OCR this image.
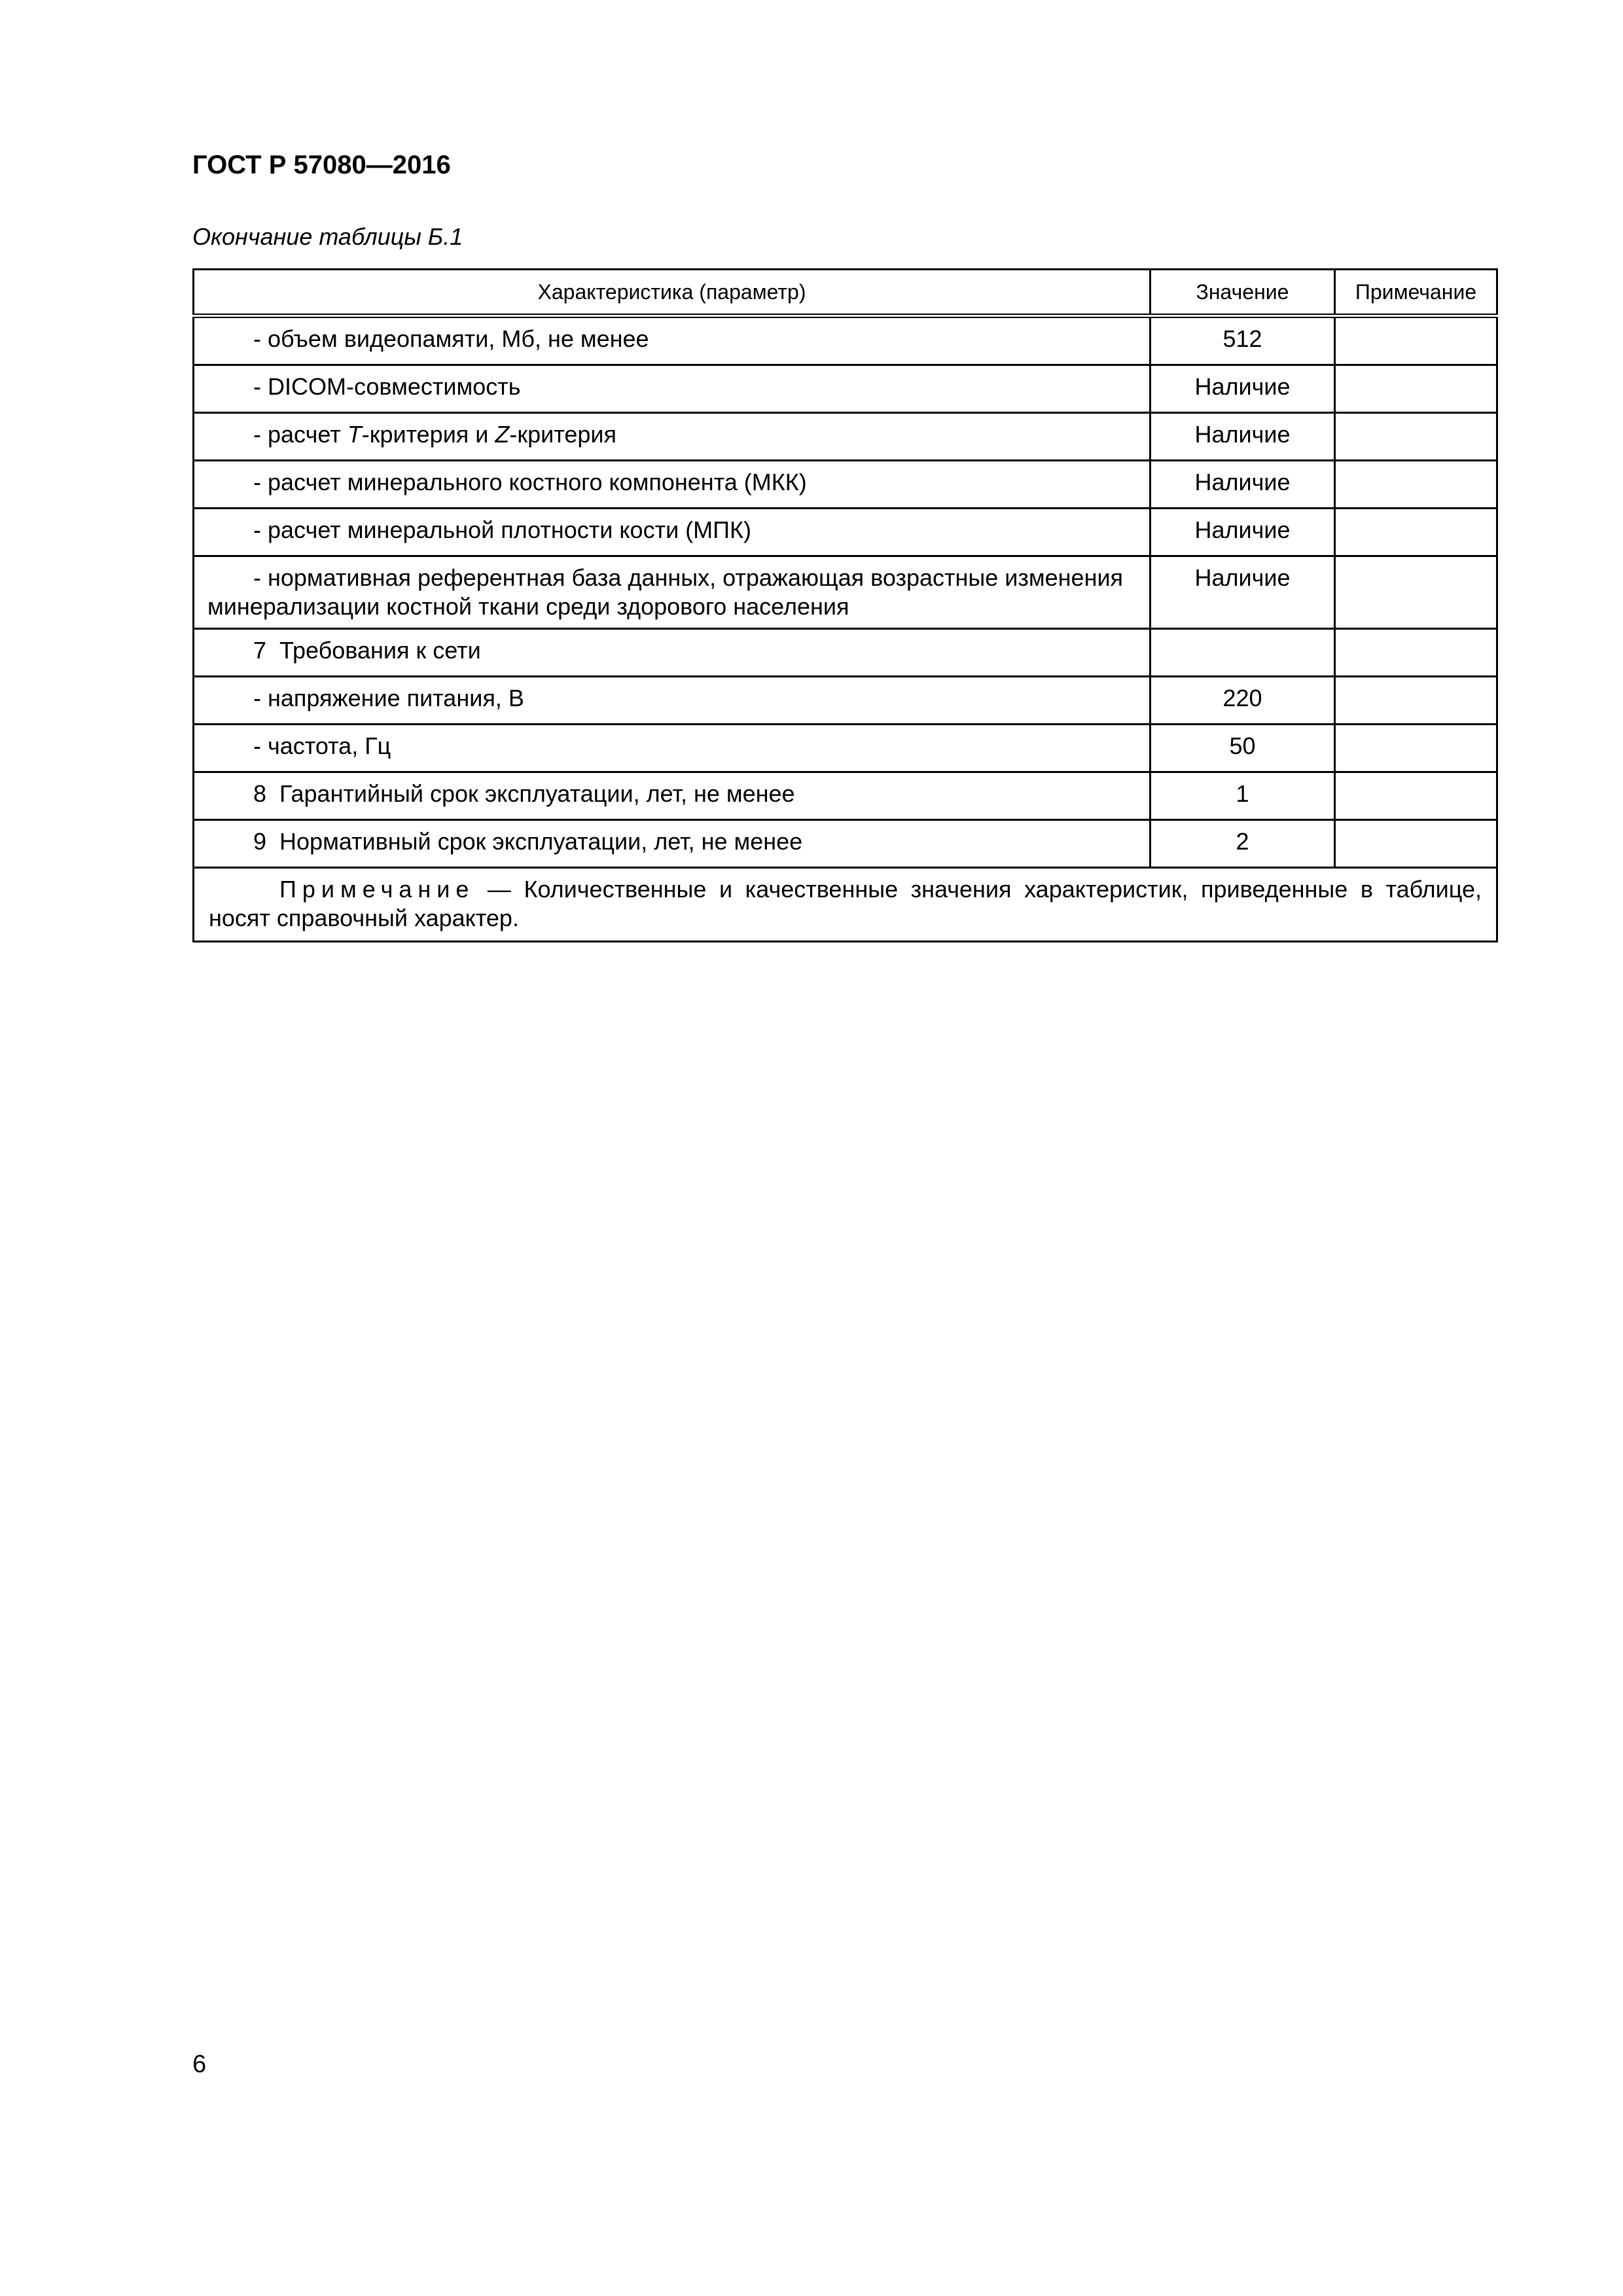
ГОСТ Р 57080—2016
Окончание таблицы Б.1
Характеристика (параметр)	Значение	Примечание
- объем видеопамяти, Мб, не менее	512	
- DICOM-совместимость	Наличие	
- расчет T-критерия и Z-критерия	Наличие	
- расчет минерального костного компонента (МКК)	Наличие	
- расчет минеральной плотности кости (МПК)	Наличие	
- нормативная референтная база данных, отражающая возрастные изменения минерализации костной ткани среди здорового населения	Наличие	
7  Требования к сети		
- напряжение питания, В	220	
- частота, Гц	50	
8  Гарантийный срок эксплуатации, лет, не менее	1	
9  Нормативный срок эксплуатации, лет, не менее	2	
Примечание — Количественные и качественные значения характеристик, приведенные в таблице, носят справочный характер.		
6
